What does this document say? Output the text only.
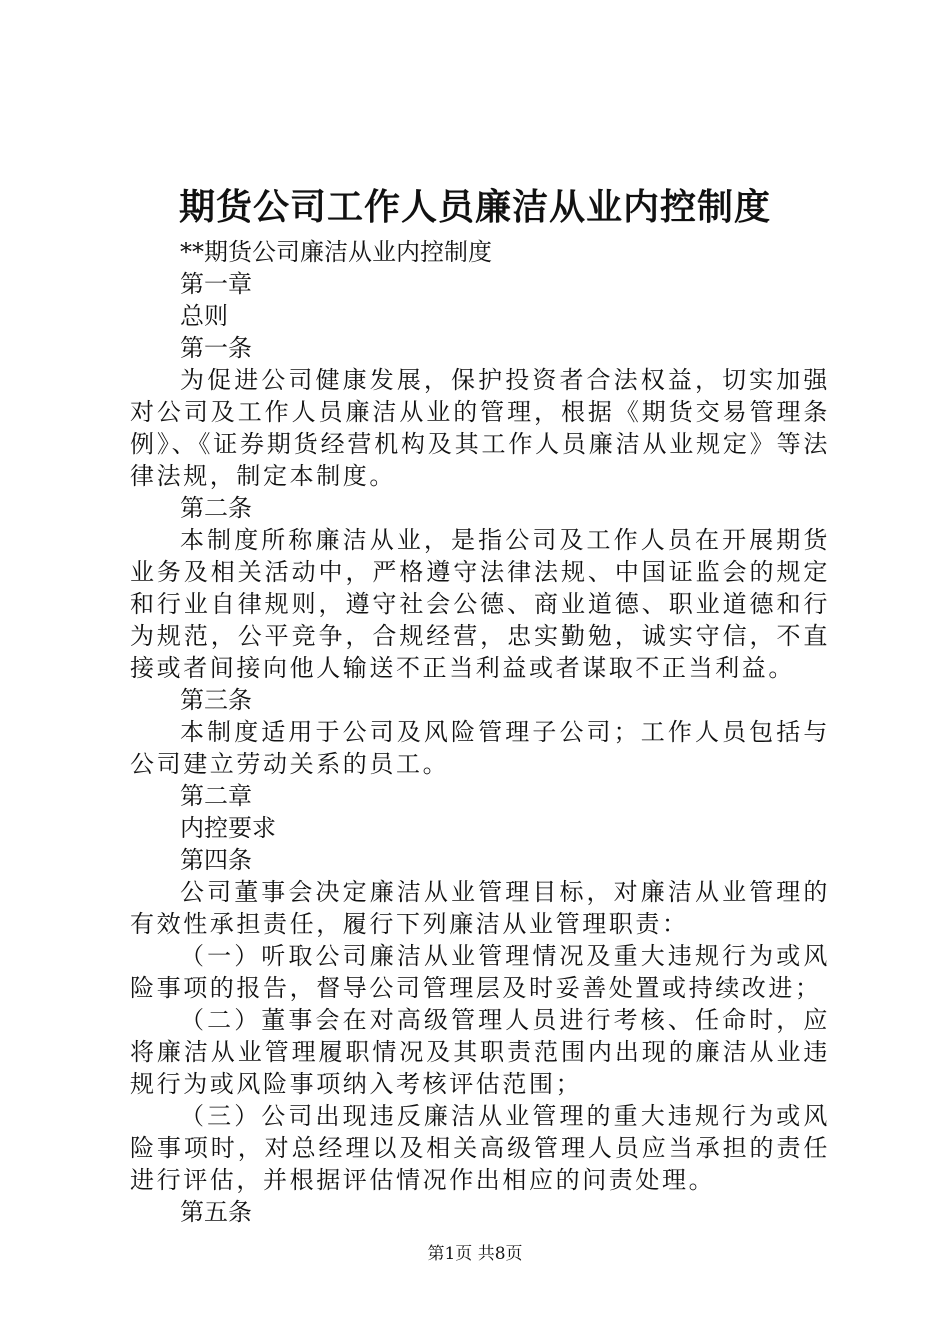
期货公司工作人员廉洁从业内控制度

**期货公司廉洁从业内控制度

第一章

总则

第一条

为促进公司健康发展，保护投资者合法权益，切实加强对公司及工作人员廉洁从业的管理，根据《期货交易管理条例》、《证券期货经营机构及其工作人员廉洁从业规定》等法律法规，制定本制度。

第二条

本制度所称廉洁从业，是指公司及工作人员在开展期货业务及相关活动中，严格遵守法律法规、中国证监会的规定和行业自律规则，遵守社会公德、商业道德、职业道德和行为规范，公平竞争，合规经营，忠实勤勉，诚实守信，不直接或者间接向他人输送不正当利益或者谋取不正当利益。

第三条

本制度适用于公司及风险管理子公司；工作人员包括与公司建立劳动关系的员工。

第二章

内控要求

第四条

公司董事会决定廉洁从业管理目标，对廉洁从业管理的有效性承担责任，履行下列廉洁从业管理职责：

（一）听取公司廉洁从业管理情况及重大违规行为或风险事项的报告，督导公司管理层及时妥善处置或持续改进；

（二）董事会在对高级管理人员进行考核、任命时，应将廉洁从业管理履职情况及其职责范围内出现的廉洁从业违规行为或风险事项纳入考核评估范围；

（三）公司出现违反廉洁从业管理的重大违规行为或风险事项时，对总经理以及相关高级管理人员应当承担的责任进行评估，并根据评估情况作出相应的问责处理。

第五条

第1页 共8页
